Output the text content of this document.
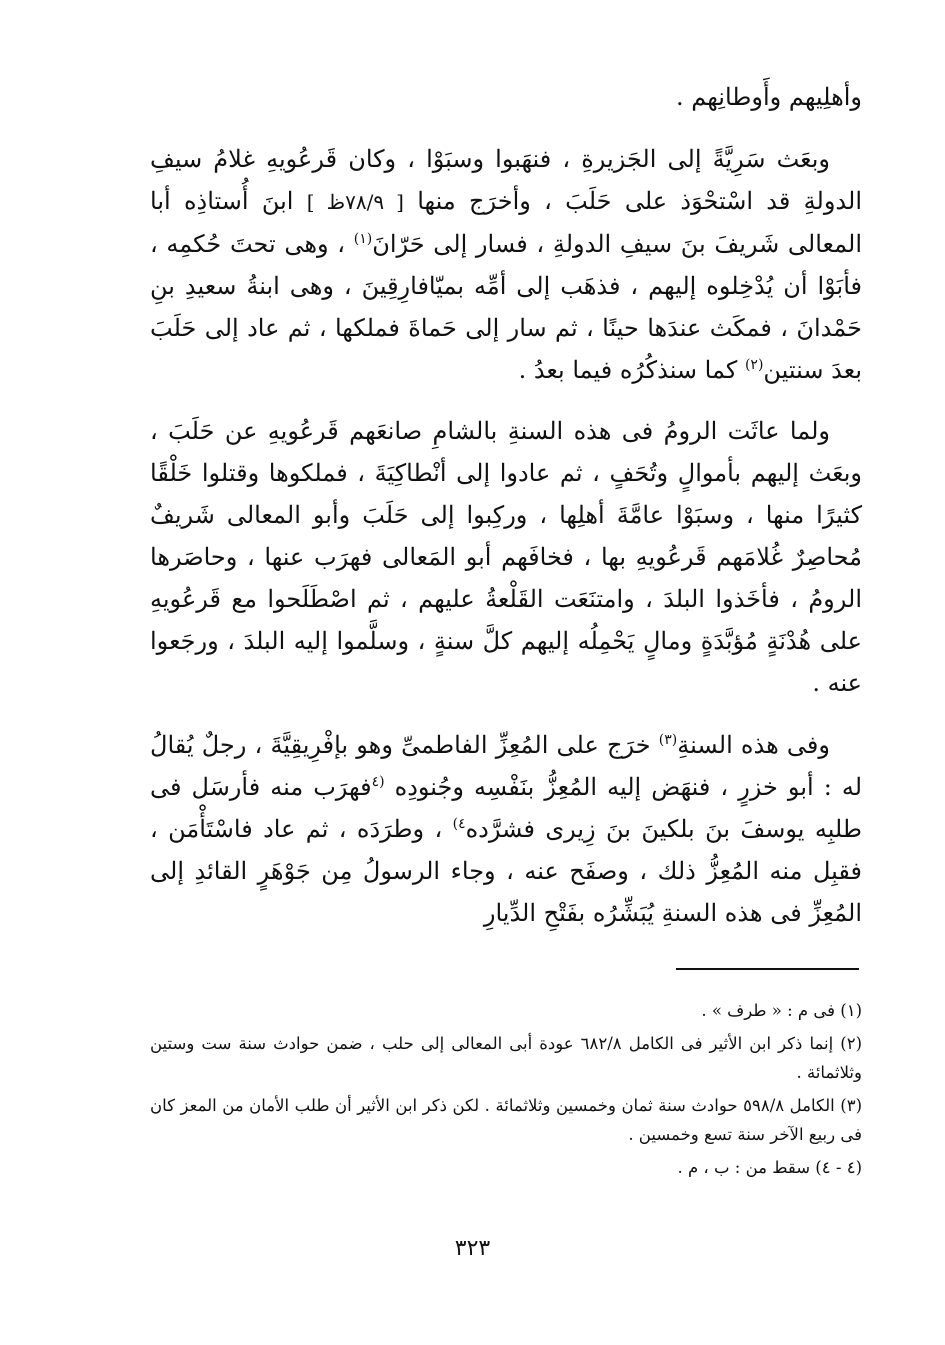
وأهلِيهم وأَوطانِهم .

وبعَث سَرِيَّةً إلى الجَزيرةِ ، فنهَبوا وسبَوْا ، وكان قَرعُويهِ غلامُ سيفِ الدولةِ قد اسْتحْوَذ على حَلَبَ ، وأخرَج منها [ ٧٨/٩ظ ] ابنَ أُستاذِه أبا المعالى شَريفَ بنَ سيفِ الدولةِ ، فسار إلى حَرّانَ$^{(١)}$ ، وهى تحتَ حُكمِه ، فأبَوْا أن يُدْخِلوه إليهم ، فذهَب إلى أمِّه بميّافارِقِينَ ، وهى ابنةُ سعيدِ بنِ حَمْدانَ ، فمكَث عندَها حينًا ، ثم سار إلى حَماةَ فملكها ، ثم عاد إلى حَلَبَ بعدَ سنتين$^{(٢)}$ كما سنذكُرُه فيما بعدُ .

ولما عاثَت الرومُ فى هذه السنةِ بالشامِ صانعَهم قَرعُويهِ عن حَلَبَ ، وبعَث إليهم بأموالٍ وتُحَفٍ ، ثم عادوا إلى أنْطاكِيَةَ ، فملكوها وقتلوا خَلْقًا كثيرًا منها ، وسبَوْا عامَّةَ أهلِها ، وركِبوا إلى حَلَبَ وأبو المعالى شَريفٌ مُحاصِرٌ غُلامَهم قَرعُويهِ بها ، فخافَهم أبو المَعالى فهرَب عنها ، وحاصَرها الرومُ ، فأخَذوا البلدَ ، وامتنَعَت القَلْعةُ عليهم ، ثم اصْطَلَحوا مع قَرعُويهِ على هُدْنَةٍ مُؤبَّدَةٍ ومالٍ يَحْمِلُه إليهم كلَّ سنةٍ ، وسلَّموا إليه البلدَ ، ورجَعوا عنه .

وفى هذه السنةِ$^{(٣)}$ خرَج على المُعِزِّ الفاطمىِّ وهو بإفْرِيقِيَّةَ ، رجلٌ يُقالُ له : أبو خزرٍ ، فنهَض إليه المُعِزُّ بنَفْسِه وجُنودِه $^{(٤}$فهرَب منه فأرسَل فى طلبِه يوسفَ بنَ بلكينَ بنَ زِيرى فشرَّده$^{٤)}$ ، وطرَدَه ، ثم عاد فاسْتَأْمَن ، فقبِل منه المُعِزُّ ذلك ، وصفَح عنه ، وجاء الرسولُ مِن جَوْهَرٍ القائدِ إلى المُعِزِّ فى هذه السنةِ يُبَشِّرُه بفَتْحِ الدِّيارِ

(١) فى م : « طرف » .

(٢) إنما ذكر ابن الأثير فى الكامل ٦٨٢/٨ عودة أبى المعالى إلى حلب ، ضمن حوادث سنة ست وستين وثلاثمائة .

(٣) الكامل ٥٩٨/٨ حوادث سنة ثمان وخمسين وثلاثمائة . لكن ذكر ابن الأثير أن طلب الأمان من المعز كان فى ربيع الآخر سنة تسع وخمسين .

(٤ - ٤) سقط من : ب ، م .

٣٢٣
